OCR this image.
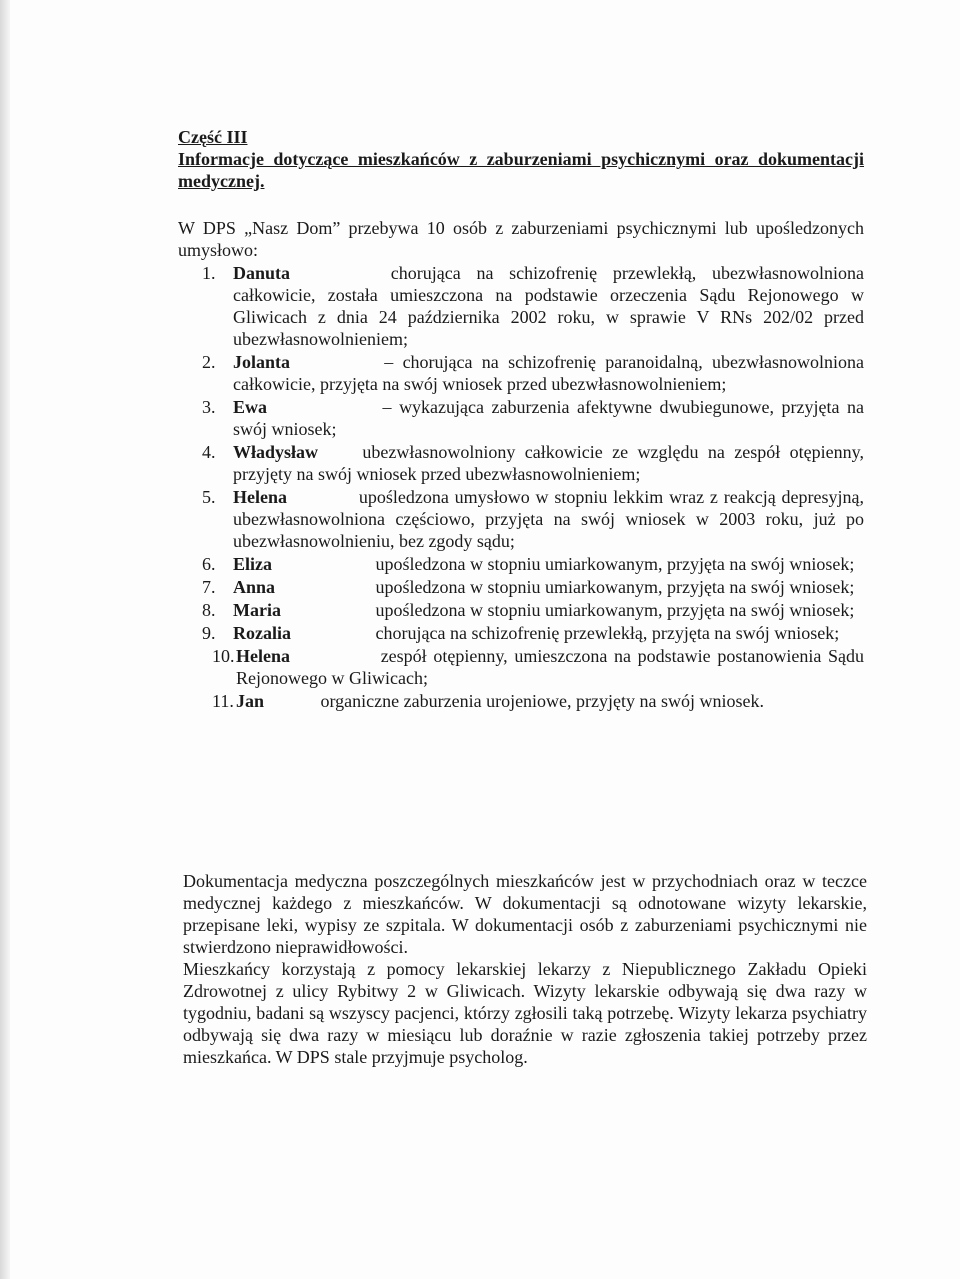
Część III
Informacje dotyczące mieszkańców z zaburzeniami psychicznymi oraz dokumentacji medycznej.
W DPS „Nasz Dom” przebywa 10 osób z zaburzeniami psychicznymi lub upośledzonych umysłowo:
1. Danuta	chorująca na schizofrenię przewlekłą, ubezwłasnowolniona całkowicie, została umieszczona na podstawie orzeczenia Sądu Rejonowego w Gliwicach z dnia 24 października 2002 roku, w sprawie V RNs 202/02 przed ubezwłasnowolnieniem;
2. Jolanta	– chorująca na schizofrenię paranoidalną, ubezwłasnowolniona całkowicie, przyjęta na swój wniosek przed ubezwłasnowolnieniem;
3. Ewa	– wykazująca zaburzenia afektywne dwubiegunowe, przyjęta na swój wniosek;
4. Władysław ubezwłasnowolniony całkowicie ze względu na zespół otępienny, przyjęty na swój wniosek przed ubezwłasnowolnieniem;
5. Helena	upośledzona umysłowo w stopniu lekkim wraz z reakcją depresyjną, ubezwłasnowolniona częściowo, przyjęta na swój wniosek w 2003 roku, już po ubezwłasnowolnieniu, bez zgody sądu;
6. Eliza	upośledzona w stopniu umiarkowanym, przyjęta na swój wniosek;
7. Anna	upośledzona w stopniu umiarkowanym, przyjęta na swój wniosek;
8. Maria	upośledzona w stopniu umiarkowanym, przyjęta na swój wniosek;
9. Rozalia	chorująca na schizofrenię przewlekłą, przyjęta na swój wniosek;
10. Helena	zespół otępienny, umieszczona na podstawie postanowienia Sądu Rejonowego w Gliwicach;
11. Jan	organiczne zaburzenia urojeniowe, przyjęty na swój wniosek.

Dokumentacja medyczna poszczególnych mieszkańców jest w przychodniach oraz w teczce medycznej każdego z mieszkańców. W dokumentacji są odnotowane wizyty lekarskie, przepisane leki, wypisy ze szpitala. W dokumentacji osób z zaburzeniami psychicznymi nie stwierdzono nieprawidłowości.

Mieszkańcy korzystają z pomocy lekarskiej lekarzy z Niepublicznego Zakładu Opieki Zdrowotnej z ulicy Rybitwy 2 w Gliwicach. Wizyty lekarskie odbywają się dwa razy w tygodniu, badani są wszyscy pacjenci, którzy zgłosili taką potrzebę. Wizyty lekarza psychiatry odbywają się dwa razy w miesiącu lub doraźnie w razie zgłoszenia takiej potrzeby przez mieszkańca. W DPS stale przyjmuje psycholog.
